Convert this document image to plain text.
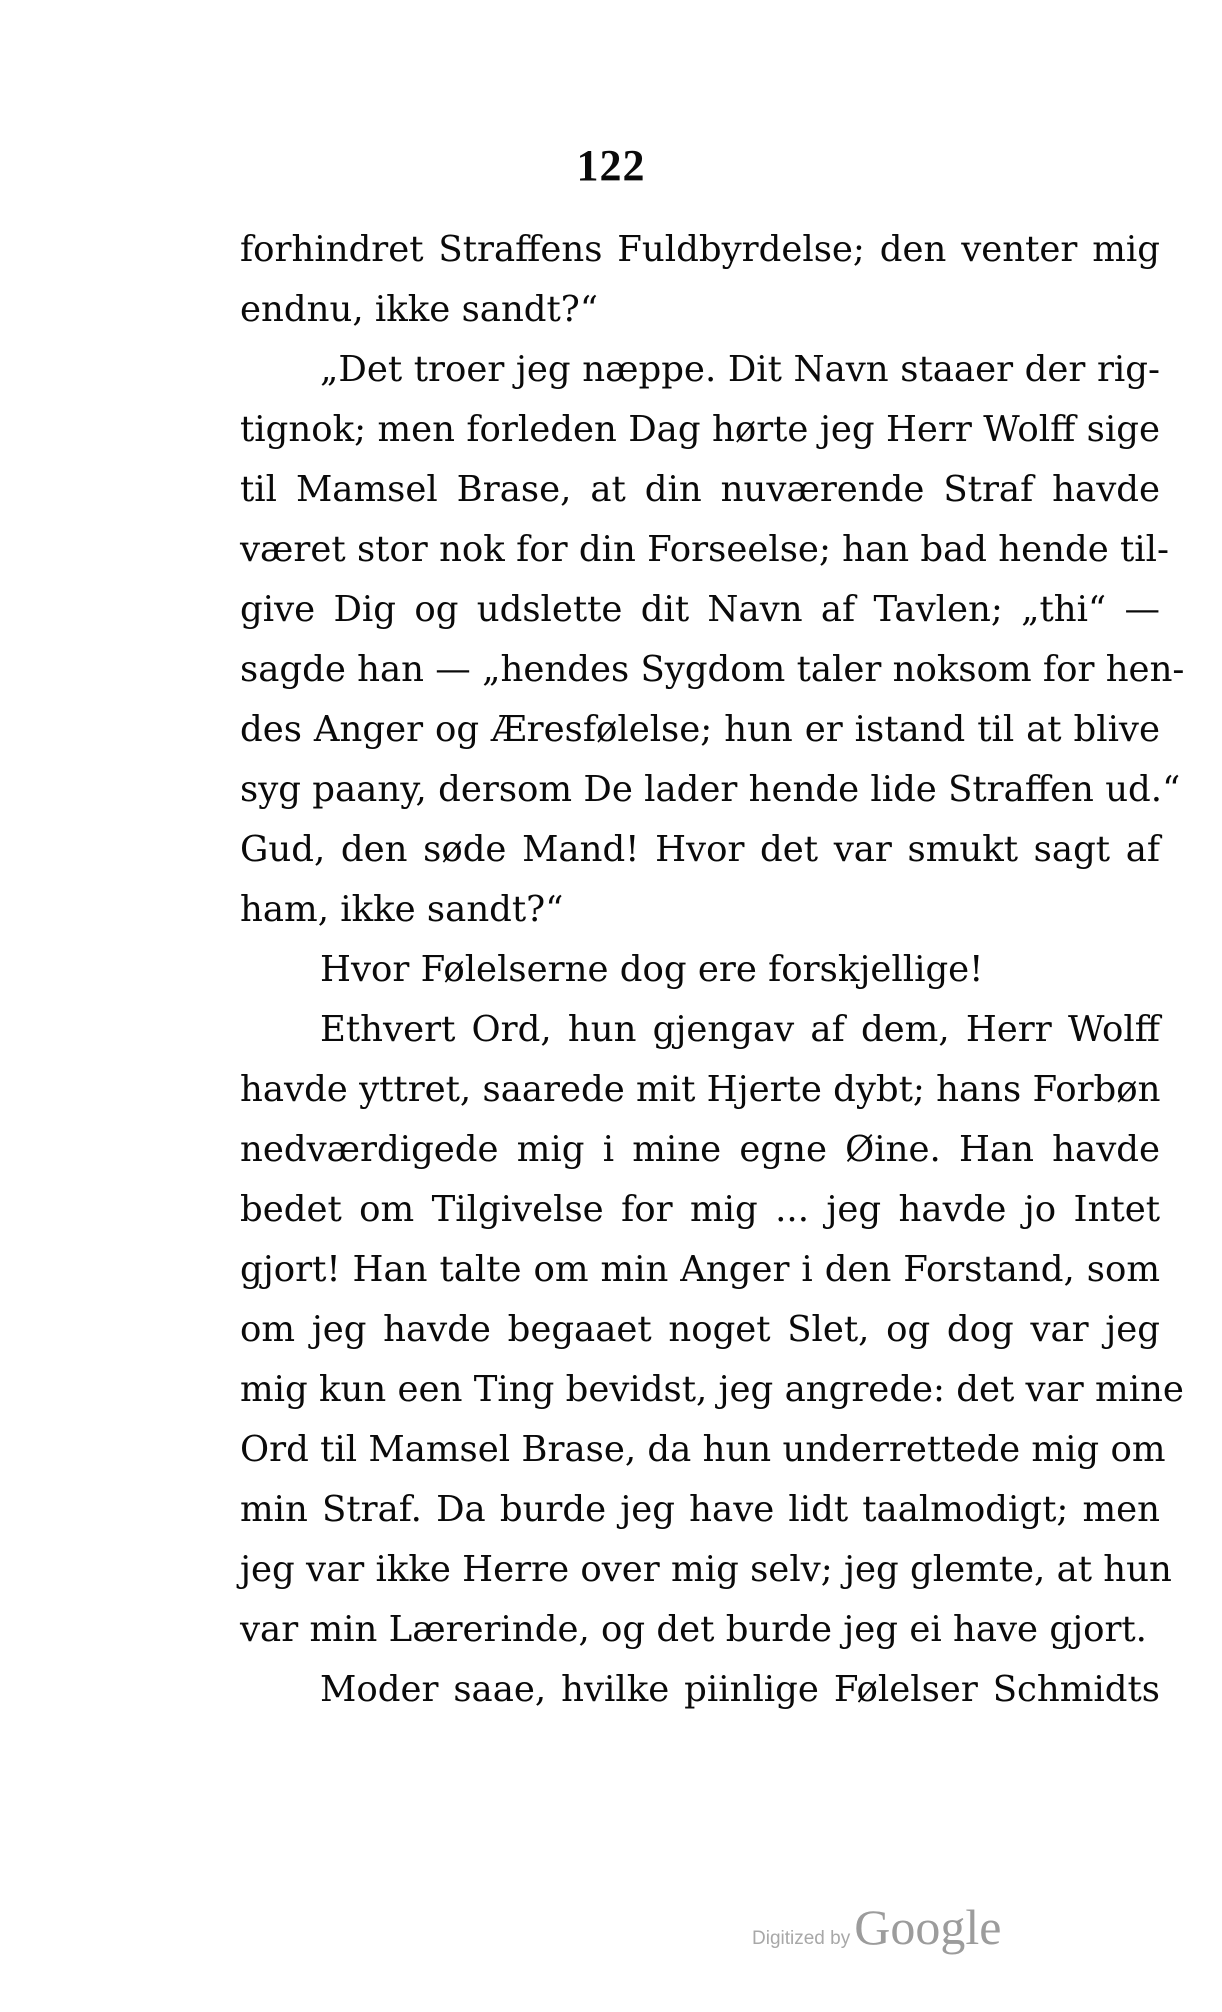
122
forhindret Straffens Fuldbyrdelse; den venter mig
endnu, ikke sandt?“
„Det troer jeg næppe. Dit Navn staaer der rig-
tignok; men forleden Dag hørte jeg Herr Wolff sige
til Mamsel Brase, at din nuværende Straf havde
været stor nok for din Forseelse; han bad hende til-
give Dig og udslette dit Navn af Tavlen; „thi“ —
sagde han — „hendes Sygdom taler noksom for hen-
des Anger og Æresfølelse; hun er istand til at blive
syg paany, dersom De lader hende lide Straffen ud.“
Gud, den søde Mand! Hvor det var smukt sagt af
ham, ikke sandt?“
Hvor Følelserne dog ere forskjellige!
Ethvert Ord, hun gjengav af dem, Herr Wolff
havde yttret, saarede mit Hjerte dybt; hans Forbøn
nedværdigede mig i mine egne Øine. Han havde
bedet om Tilgivelse for mig ... jeg havde jo Intet
gjort! Han talte om min Anger i den Forstand, som
om jeg havde begaaet noget Slet, og dog var jeg
mig kun een Ting bevidst, jeg angrede: det var mine
Ord til Mamsel Brase, da hun underrettede mig om
min Straf. Da burde jeg have lidt taalmodigt; men
jeg var ikke Herre over mig selv; jeg glemte, at hun
var min Lærerinde, og det burde jeg ei have gjort.
Moder saae, hvilke piinlige Følelser Schmidts
Digitized by Google
